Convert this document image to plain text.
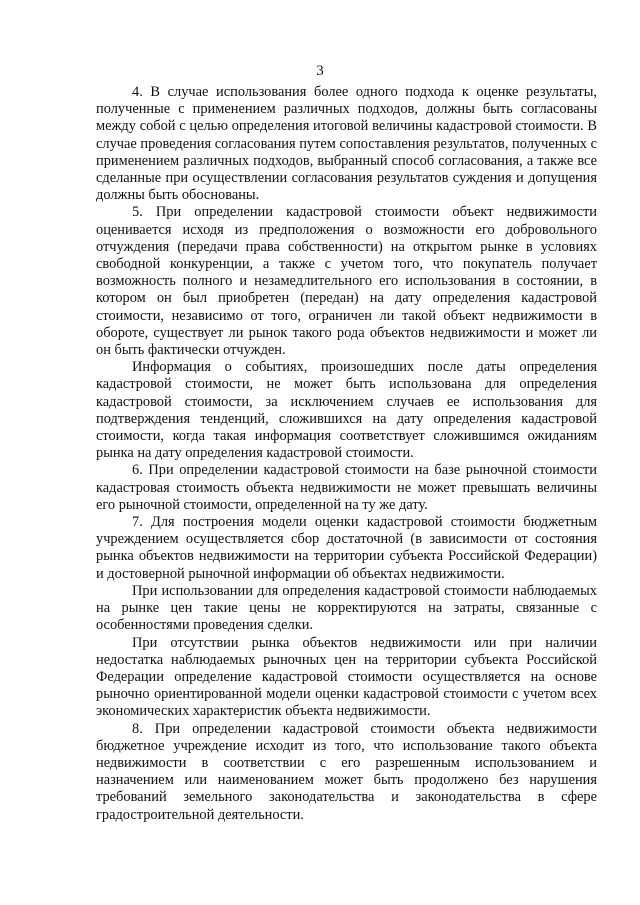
3

4. В случае использования более одного подхода к оценке результаты, полученные с применением различных подходов, должны быть согласованы между собой с целью определения итоговой величины кадастровой стоимости. В случае проведения согласования путем сопоставления результатов, полученных с применением различных подходов, выбранный способ согласования, а также все сделанные при осуществлении согласования результатов суждения и допущения должны быть обоснованы.

5. При определении кадастровой стоимости объект недвижимости оценивается исходя из предположения о возможности его добровольного отчуждения (передачи права собственности) на открытом рынке в условиях свободной конкуренции, а также с учетом того, что покупатель получает возможность полного и незамедлительного его использования в состоянии, в котором он был приобретен (передан) на дату определения кадастровой стоимости, независимо от того, ограничен ли такой объект недвижимости в обороте, существует ли рынок такого рода объектов недвижимости и может ли он быть фактически отчужден.

Информация о событиях, произошедших после даты определения кадастровой стоимости, не может быть использована для определения кадастровой стоимости, за исключением случаев ее использования для подтверждения тенденций, сложившихся на дату определения кадастровой стоимости, когда такая информация соответствует сложившимся ожиданиям рынка на дату определения кадастровой стоимости.

6. При определении кадастровой стоимости на базе рыночной стоимости кадастровая стоимость объекта недвижимости не может превышать величины его рыночной стоимости, определенной на ту же дату.

7. Для построения модели оценки кадастровой стоимости бюджетным учреждением осуществляется сбор достаточной (в зависимости от состояния рынка объектов недвижимости на территории субъекта Российской Федерации) и достоверной рыночной информации об объектах недвижимости.

При использовании для определения кадастровой стоимости наблюдаемых на рынке цен такие цены не корректируются на затраты, связанные с особенностями проведения сделки.

При отсутствии рынка объектов недвижимости или при наличии недостатка наблюдаемых рыночных цен на территории субъекта Российской Федерации определение кадастровой стоимости осуществляется на основе рыночно ориентированной модели оценки кадастровой стоимости с учетом всех экономических характеристик объекта недвижимости.

8. При определении кадастровой стоимости объекта недвижимости бюджетное учреждение исходит из того, что использование такого объекта недвижимости в соответствии с его разрешенным использованием и назначением или наименованием может быть продолжено без нарушения требований земельного законодательства и законодательства в сфере градостроительной деятельности.
